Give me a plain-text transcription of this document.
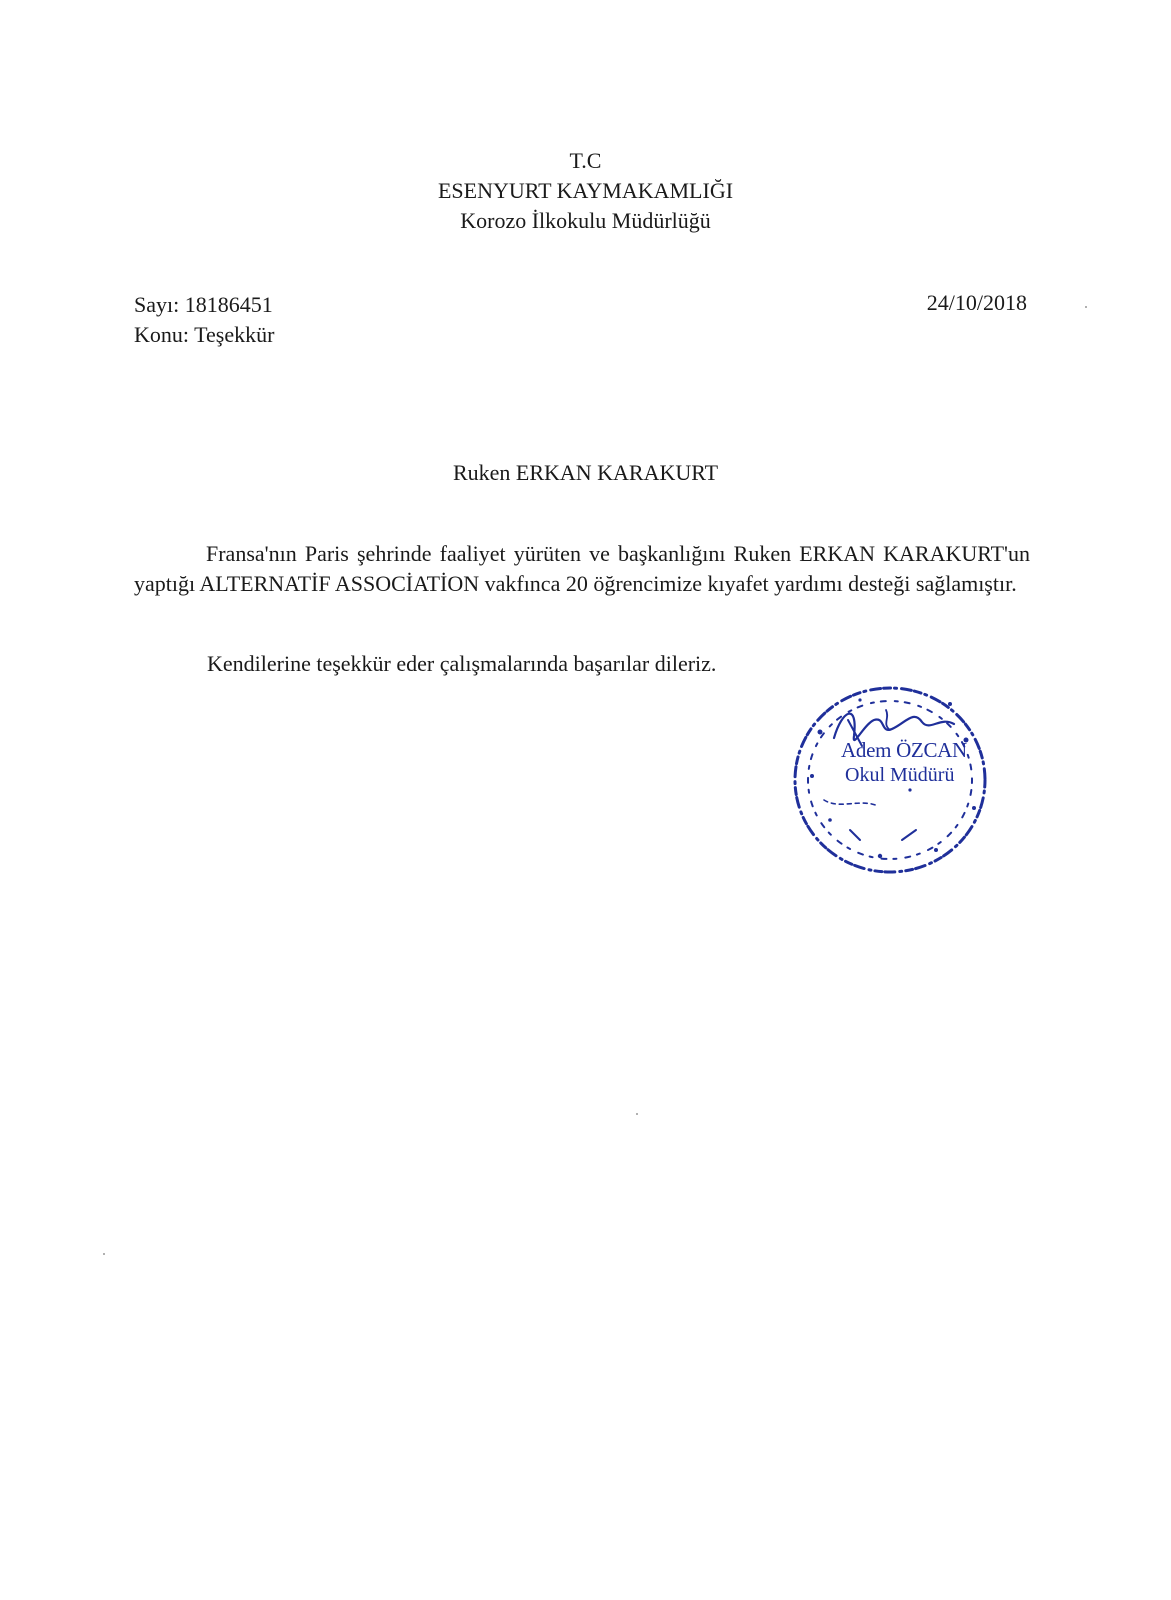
T.C
ESENYURT KAYMAKAMLIĞI
Korozo İlkokulu Müdürlüğü
Sayı: 18186451
Konu: Teşekkür
24/10/2018
Ruken ERKAN KARAKURT
Fransa'nın Paris şehrinde faaliyet yürüten ve başkanlığını Ruken ERKAN KARAKURT'un yaptığı ALTERNATİF ASSOCİATİON vakfınca 20 öğrencimize kıyafet yardımı desteği sağlamıştır.
Kendilerine teşekkür eder çalışmalarında başarılar dileriz.
Adem ÖZCAN
Okul Müdürü
